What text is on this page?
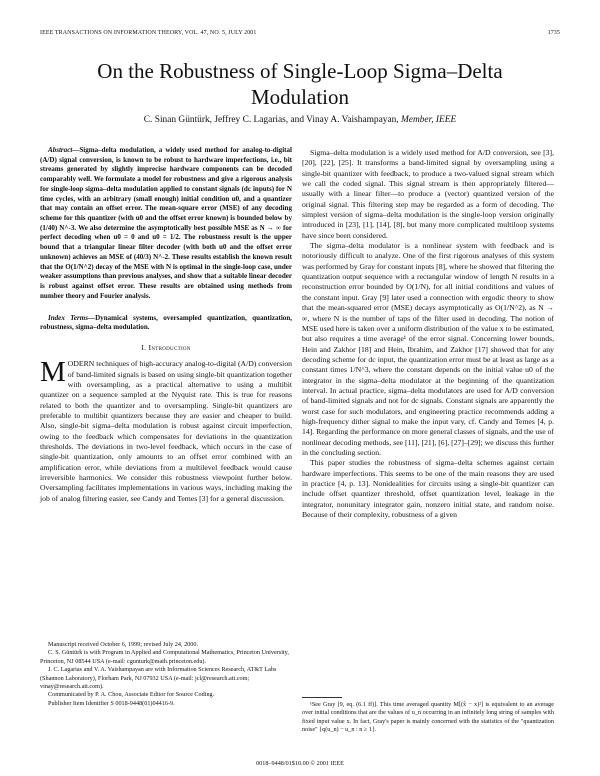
IEEE TRANSACTIONS ON INFORMATION THEORY, VOL. 47, NO. 5, JULY 2001	1735
On the Robustness of Single-Loop Sigma–Delta
Modulation
C. Sinan Güntürk, Jeffrey C. Lagarias, and Vinay A. Vaishampayan, Member, IEEE

Abstract—Sigma–delta modulation, a widely used method for analog-to-digital (A/D) signal conversion, is known to be robust to hardware imperfections, i.e., bit streams generated by slightly imprecise hardware components can be decoded comparably well. We formulate a model for robustness and give a rigorous analysis for single-loop sigma–delta modulation applied to constant signals (dc inputs) for N time cycles, with an arbitrary (small enough) initial condition u0, and a quantizer that may contain an offset error. The mean-square error (MSE) of any decoding scheme for this quantizer (with u0 and the offset error known) is bounded below by (1/40) N^-3. We also determine the asymptotically best possible MSE as N → ∞ for perfect decoding when u0 = 0 and u0 = 1/2. The robustness result is the upper bound that a triangular linear filter decoder (with both u0 and the offset error unknown) achieves an MSE of (40/3) N^-2. These results establish the known result that the O(1/N^2) decay of the MSE with N is optimal in the single-loop case, under weaker assumptions than previous analyses, and show that a suitable linear decoder is robust against offset error. These results are obtained using methods from number theory and Fourier analysis.

Index Terms—Dynamical systems, oversampled quantization, quantization, robustness, sigma–delta modulation.

I. Introduction

MODERN techniques of high-accuracy analog-to-digital (A/D) conversion of band-limited signals is based on using single-bit quantization together with oversampling, as a practical alternative to using a multibit quantizer on a sequence sampled at the Nyquist rate. This is true for reasons related to both the quantizer and to oversampling. Single-bit quantizers are preferable to multibit quantizers because they are easier and cheaper to build. Also, single-bit sigma–delta modulation is robust against circuit imperfection, owing to the feedback which compensates for deviations in the quantization thresholds. The deviations in two-level feedback, which occurs in the case of single-bit quantization, only amounts to an offset error combined with an amplification error, while deviations from a multilevel feedback would cause irreversible harmonics. We consider this robustness viewpoint further below. Oversampling facilitates implementations in various ways, including making the job of analog filtering easier, see Candy and Temes [3] for a general discussion.

Manuscript received October 6, 1999; revised July 24, 2000.

C. S. Güntürk is with Program in Applied and Computational Mathematics, Princeton University, Princeton, NJ 08544 USA (e-mail: cgunturk@math.princeton.edu).

J. C. Lagarias and V. A. Vaishampayan are with Information Sciences Research, AT&T Labs (Shannon Laboratory), Florham Park, NJ 07932 USA (e-mail: jcl@research.att.com; vinay@research.att.com).

Communicated by P. A. Chou, Associate Editor for Source Coding.

Publisher Item Identifier S 0018-9448(01)04416-9.

Sigma–delta modulation is a widely used method for A/D conversion, see [3], [20], [22], [25]. It transforms a band-limited signal by oversampling using a single-bit quantizer with feedback, to produce a two-valued signal stream which we call the coded signal. This signal stream is then appropriately filtered—usually with a linear filter—to produce a (vector) quantized version of the original signal. This filtering step may be regarded as a form of decoding. The simplest version of sigma–delta modulation is the single-loop version originally introduced in [23], [1], [14], [8], but many more complicated multiloop systems have since been considered.

The sigma–delta modulator is a nonlinear system with feedback and is notoriously difficult to analyze. One of the first rigorous analyses of this system was performed by Gray for constant inputs [8], where he showed that filtering the quantization output sequence with a rectangular window of length N results in a reconstruction error bounded by O(1/N), for all initial conditions and values of the constant input. Gray [9] later used a connection with ergodic theory to show that the mean-squared error (MSE) decays asymptotically as O(1/N^2), as N → ∞, where N is the number of taps of the filter used in decoding. The notion of MSE used here is taken over a uniform distribution of the value x to be estimated, but also requires a time average¹ of the error signal. Concerning lower bounds, Hein and Zakhor [18] and Hein, Ibrahim, and Zakhor [17] showed that for any decoding scheme for dc input, the quantization error must be at least as large as a constant times 1/N^3, where the constant depends on the initial value u0 of the integrator in the sigma–delta modulator at the beginning of the quantization interval. In actual practice, sigma–delta modulators are used for A/D conversion of band-limited signals and not for dc signals. Constant signals are apparently the worst case for such modulators, and engineering practice recommends adding a high-frequency dither signal to make the input vary, cf. Candy and Temes [4, p. 14]. Regarding the performance on more general classes of signals, and the use of nonlinear decoding methods, see [11], [21], [6], [27]–[29]; we discuss this further in the concluding section.

This paper studies the robustness of sigma–delta schemes against certain hardware imperfections. This seems to be one of the main reasons they are used in practice [4, p. 13]. Nonidealities for circuits using a single-bit quantizer can include offset quantizer threshold, offset quantization level, leakage in the integrator, nonunitary integrator gain, nonzero initial state, and random noise. Because of their complexity, robustness of a given

¹See Gray [9, eq. (6.1 ff)]. This time averaged quantity M[(x̂ − x)²] is equivalent to an average over initial conditions that are the values of u_n occurring in an infinitely long string of samples with fixed input value x. In fact, Gray's paper is mainly concerned with the statistics of the "quantization noise" {q(u_n) − u_n : n ≥ 1}.

0018–9448/01$10.00 © 2001 IEEE
